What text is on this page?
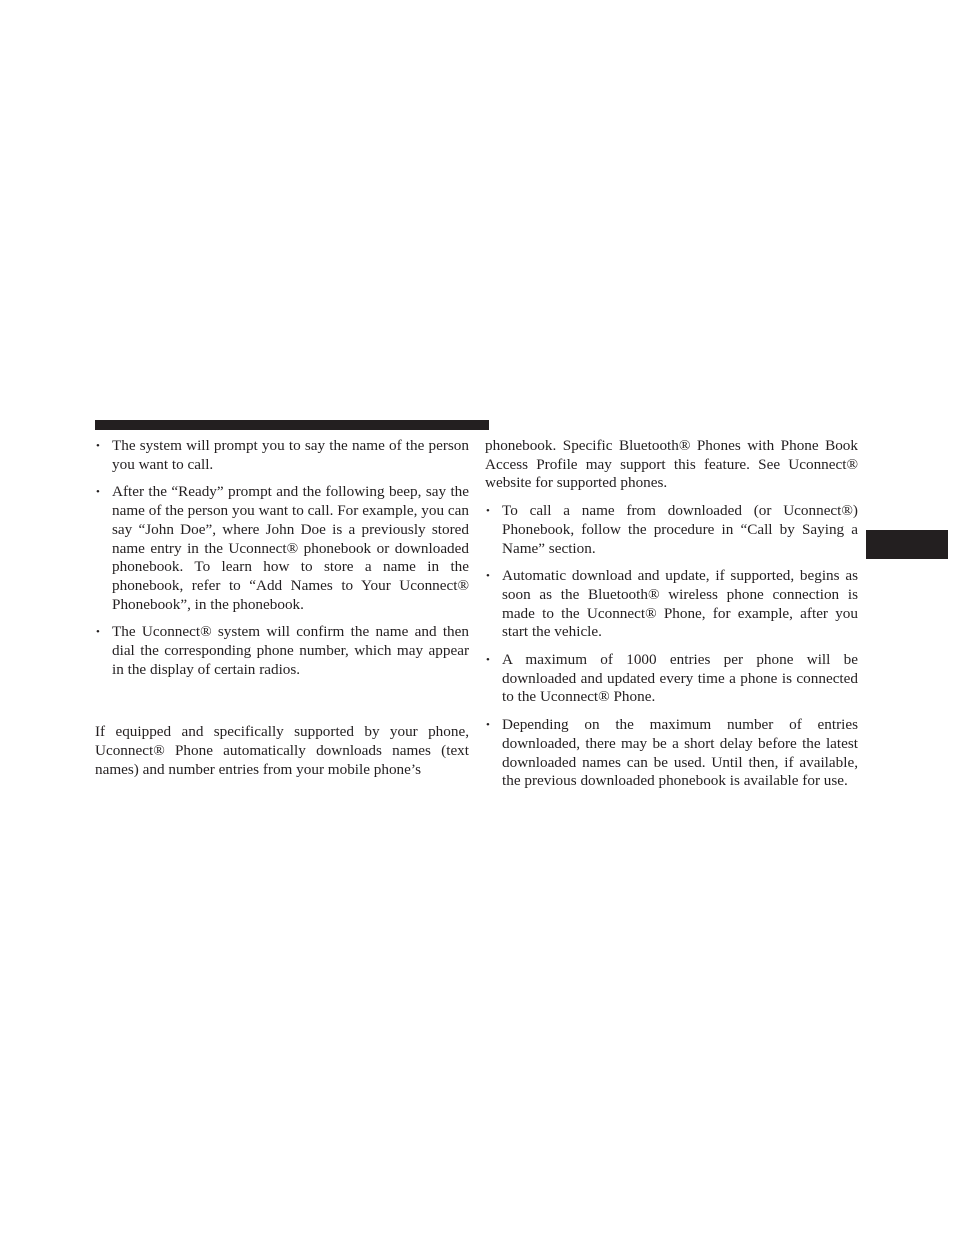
• The system will prompt you to say the name of the person you want to call.
• After the “Ready” prompt and the following beep, say the name of the person you want to call. For example, you can say “John Doe”, where John Doe is a previously stored name entry in the Uconnect® phonebook or downloaded phonebook. To learn how to store a name in the phonebook, refer to “Add Names to Your Uconnect® Phonebook”, in the phonebook.
• The Uconnect® system will confirm the name and then dial the corresponding phone number, which may appear in the display of certain radios.

If equipped and specifically supported by your phone, Uconnect® Phone automatically downloads names (text names) and number entries from your mobile phone’s

phonebook. Specific Bluetooth® Phones with Phone Book Access Profile may support this feature. See Uconnect® website for supported phones.

• To call a name from downloaded (or Uconnect®) Phonebook, follow the procedure in “Call by Saying a Name” section.
• Automatic download and update, if supported, begins as soon as the Bluetooth® wireless phone connection is made to the Uconnect® Phone, for example, after you start the vehicle.
• A maximum of 1000 entries per phone will be downloaded and updated every time a phone is connected to the Uconnect® Phone.
• Depending on the maximum number of entries downloaded, there may be a short delay before the latest downloaded names can be used. Until then, if available, the previous downloaded phonebook is available for use.
